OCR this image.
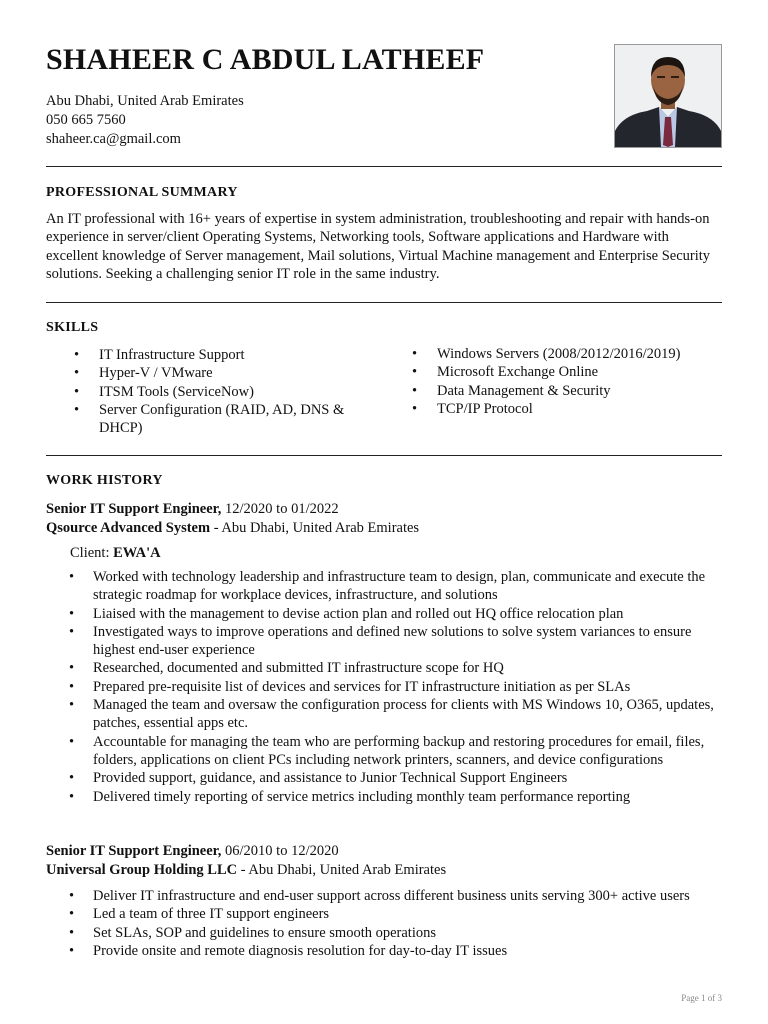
SHAHEER C ABDUL LATHEEF
Abu Dhabi, United Arab Emirates
050 665 7560
shaheer.ca@gmail.com
PROFESSIONAL SUMMARY

An IT professional with 16+ years of expertise in system administration, troubleshooting and repair with hands-on experience in server/client Operating Systems, Networking tools, Software applications and Hardware with excellent knowledge of Server management, Mail solutions, Virtual Machine management and Enterprise Security solutions. Seeking a challenging senior IT role in the same industry.

SKILLS
• IT Infrastructure Support
• Hyper-V / VMware
• ITSM Tools (ServiceNow)
• Server Configuration (RAID, AD, DNS & DHCP)
• Windows Servers (2008/2012/2016/2019)
• Microsoft Exchange Online
• Data Management & Security
• TCP/IP Protocol
WORK HISTORY
Senior IT Support Engineer, 12/2020 to 01/2022
Qsource Advanced System - Abu Dhabi, United Arab Emirates
Client: EWA'A
• Worked with technology leadership and infrastructure team to design, plan, communicate and execute the strategic roadmap for workplace devices, infrastructure, and solutions
• Liaised with the management to devise action plan and rolled out HQ office relocation plan
• Investigated ways to improve operations and defined new solutions to solve system variances to ensure highest end-user experience
• Researched, documented and submitted IT infrastructure scope for HQ
• Prepared pre-requisite list of devices and services for IT infrastructure initiation as per SLAs
• Managed the team and oversaw the configuration process for clients with MS Windows 10, O365, updates, patches, essential apps etc.
• Accountable for managing the team who are performing backup and restoring procedures for email, files, folders, applications on client PCs including network printers, scanners, and device configurations
• Provided support, guidance, and assistance to Junior Technical Support Engineers
• Delivered timely reporting of service metrics including monthly team performance reporting
Senior IT Support Engineer, 06/2010 to 12/2020
Universal Group Holding LLC - Abu Dhabi, United Arab Emirates
• Deliver IT infrastructure and end-user support across different business units serving 300+ active users
• Led a team of three IT support engineers
• Set SLAs, SOP and guidelines to ensure smooth operations
• Provide onsite and remote diagnosis resolution for day-to-day IT issues
Page 1 of 3
